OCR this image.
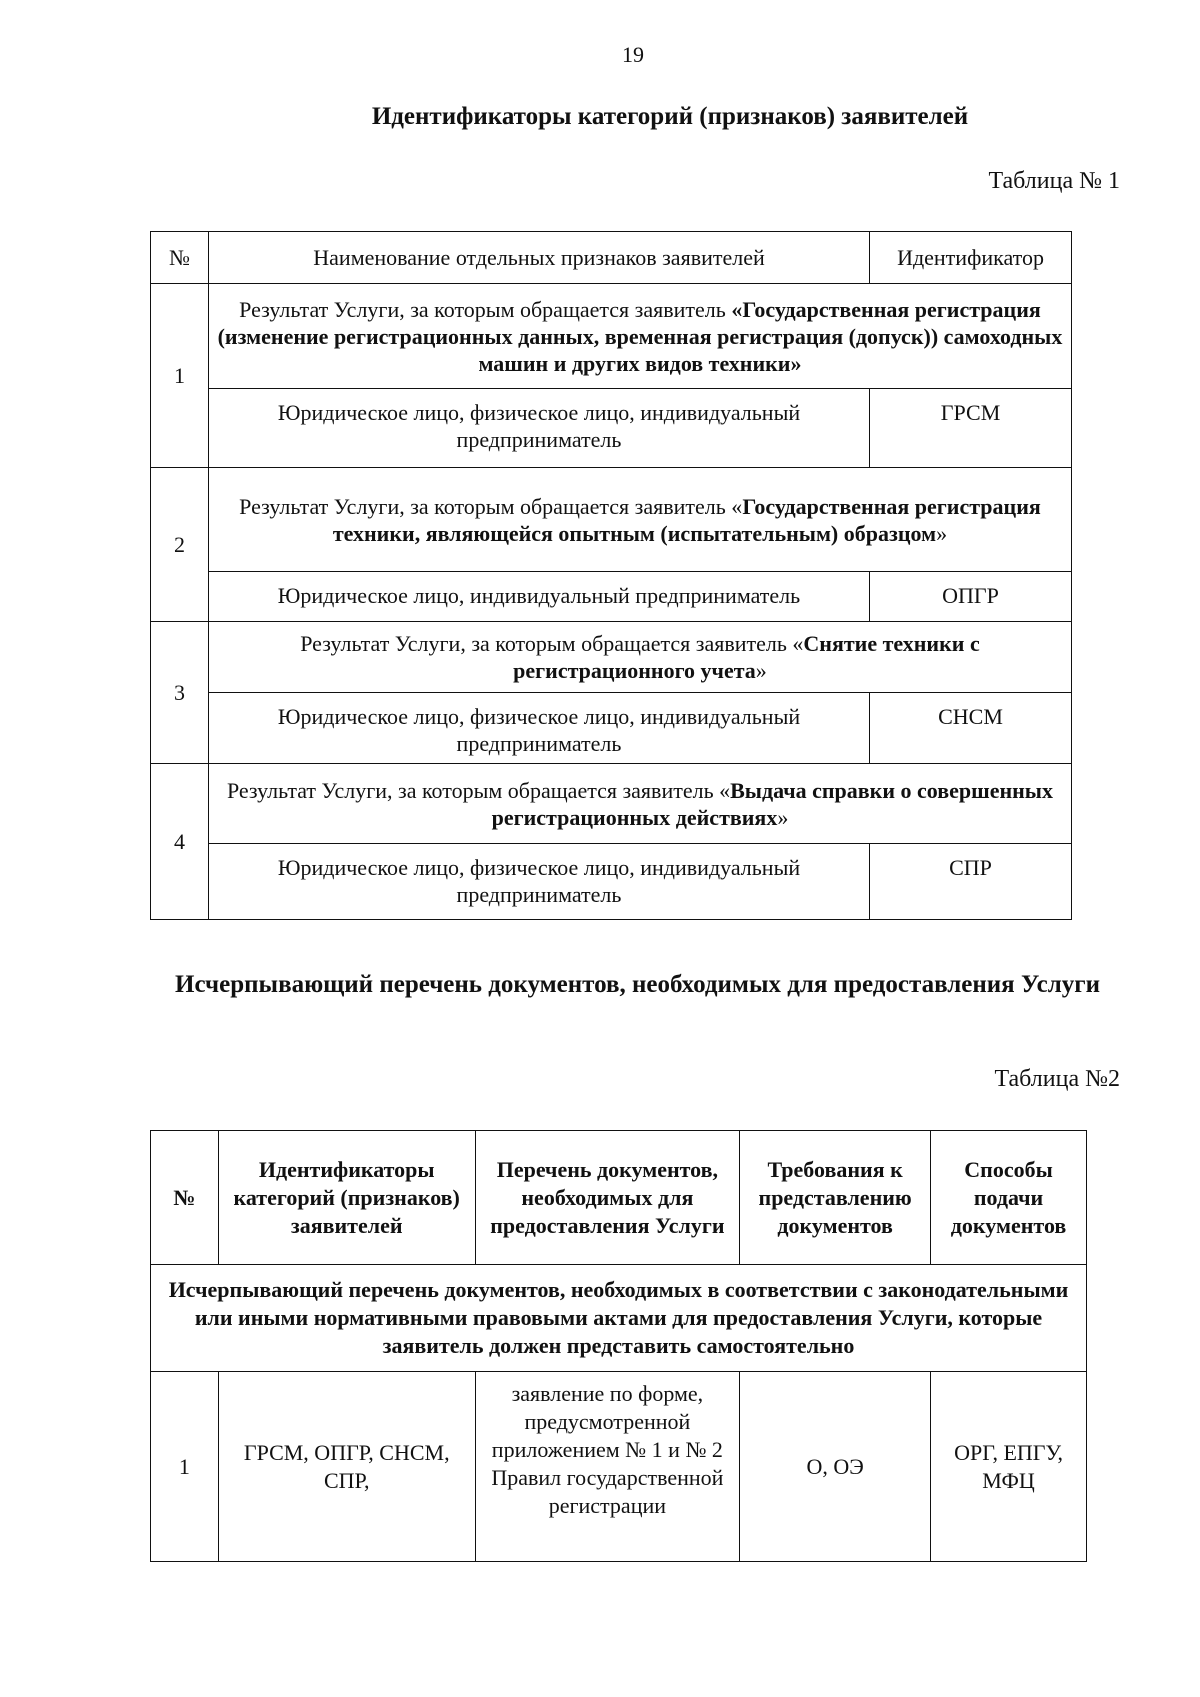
19
Идентификаторы категорий (признаков) заявителей
Таблица № 1
№	Наименование отдельных признаков заявителей	Идентификатор
1	Результат Услуги, за которым обращается заявитель «Государственная регистрация (изменение регистрационных данных, временная регистрация (допуск)) самоходных машин и других видов техники»	
	Юридическое лицо, физическое лицо, индивидуальный предприниматель	ГРСМ
2	Результат Услуги, за которым обращается заявитель «Государственная регистрация техники, являющейся опытным (испытательным) образцом»	
	Юридическое лицо, индивидуальный предприниматель	ОПГР
3	Результат Услуги, за которым обращается заявитель «Снятие техники с регистрационного учета»	
	Юридическое лицо, физическое лицо, индивидуальный предприниматель	СНСМ
4	Результат Услуги, за которым обращается заявитель «Выдача справки о совершенных регистрационных действиях»	
	Юридическое лицо, физическое лицо, индивидуальный предприниматель	СПР
Исчерпывающий перечень документов, необходимых для предоставления Услуги
Таблица №2
№	Идентификаторы категорий (признаков) заявителей	Перечень документов, необходимых для предоставления Услуги	Требования к представлению документов	Способы подачи документов
Исчерпывающий перечень документов, необходимых в соответствии с законодательными или иными нормативными правовыми актами для предоставления Услуги, которые заявитель должен представить самостоятельно				
1	ГРСМ, ОПГР, СНСМ, СПР,	заявление по форме, предусмотренной приложением № 1 и № 2 Правил государственной регистрации	О, ОЭ	ОРГ, ЕПГУ, МФЦ
